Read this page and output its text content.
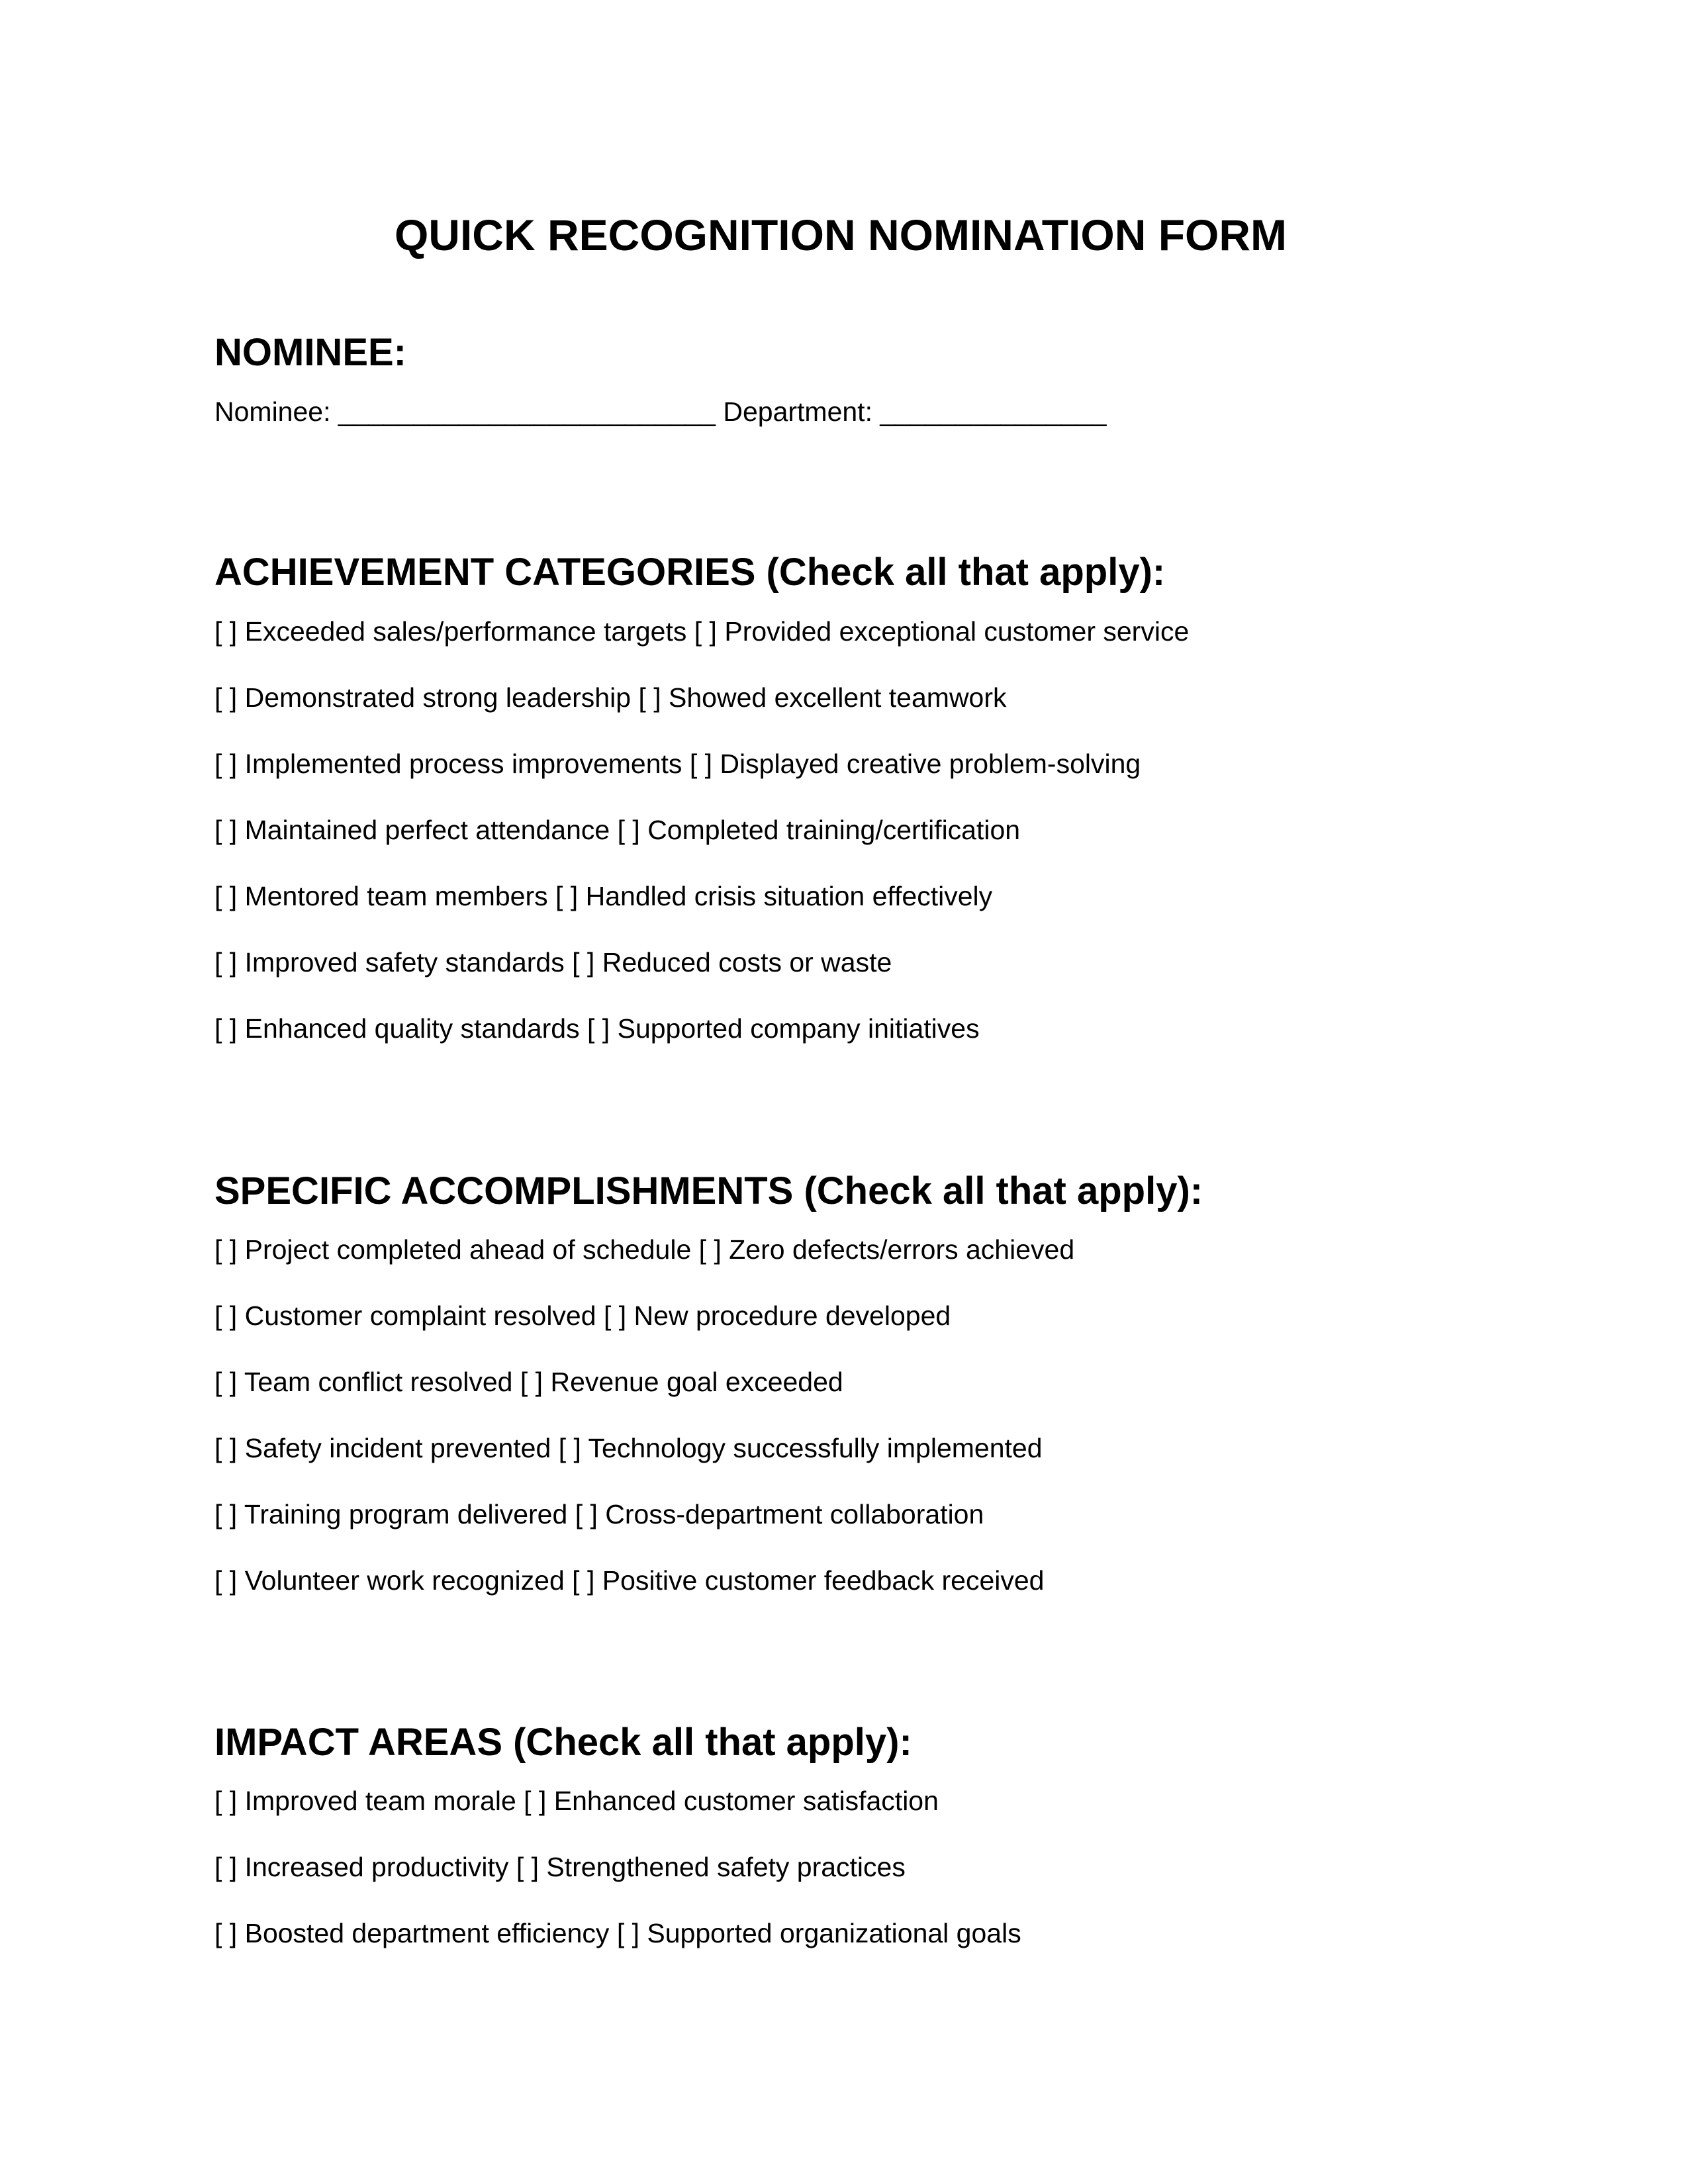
QUICK RECOGNITION NOMINATION FORM
NOMINEE:
Nominee: _________________________ Department: _______________
ACHIEVEMENT CATEGORIES (Check all that apply):
[ ] Exceeded sales/performance targets [ ] Provided exceptional customer service
[ ] Demonstrated strong leadership [ ] Showed excellent teamwork
[ ] Implemented process improvements [ ] Displayed creative problem-solving
[ ] Maintained perfect attendance [ ] Completed training/certification
[ ] Mentored team members [ ] Handled crisis situation effectively
[ ] Improved safety standards [ ] Reduced costs or waste
[ ] Enhanced quality standards [ ] Supported company initiatives
SPECIFIC ACCOMPLISHMENTS (Check all that apply):
[ ] Project completed ahead of schedule [ ] Zero defects/errors achieved
[ ] Customer complaint resolved [ ] New procedure developed
[ ] Team conflict resolved [ ] Revenue goal exceeded
[ ] Safety incident prevented [ ] Technology successfully implemented
[ ] Training program delivered [ ] Cross-department collaboration
[ ] Volunteer work recognized [ ] Positive customer feedback received
IMPACT AREAS (Check all that apply):
[ ] Improved team morale [ ] Enhanced customer satisfaction
[ ] Increased productivity [ ] Strengthened safety practices
[ ] Boosted department efficiency [ ] Supported organizational goals
